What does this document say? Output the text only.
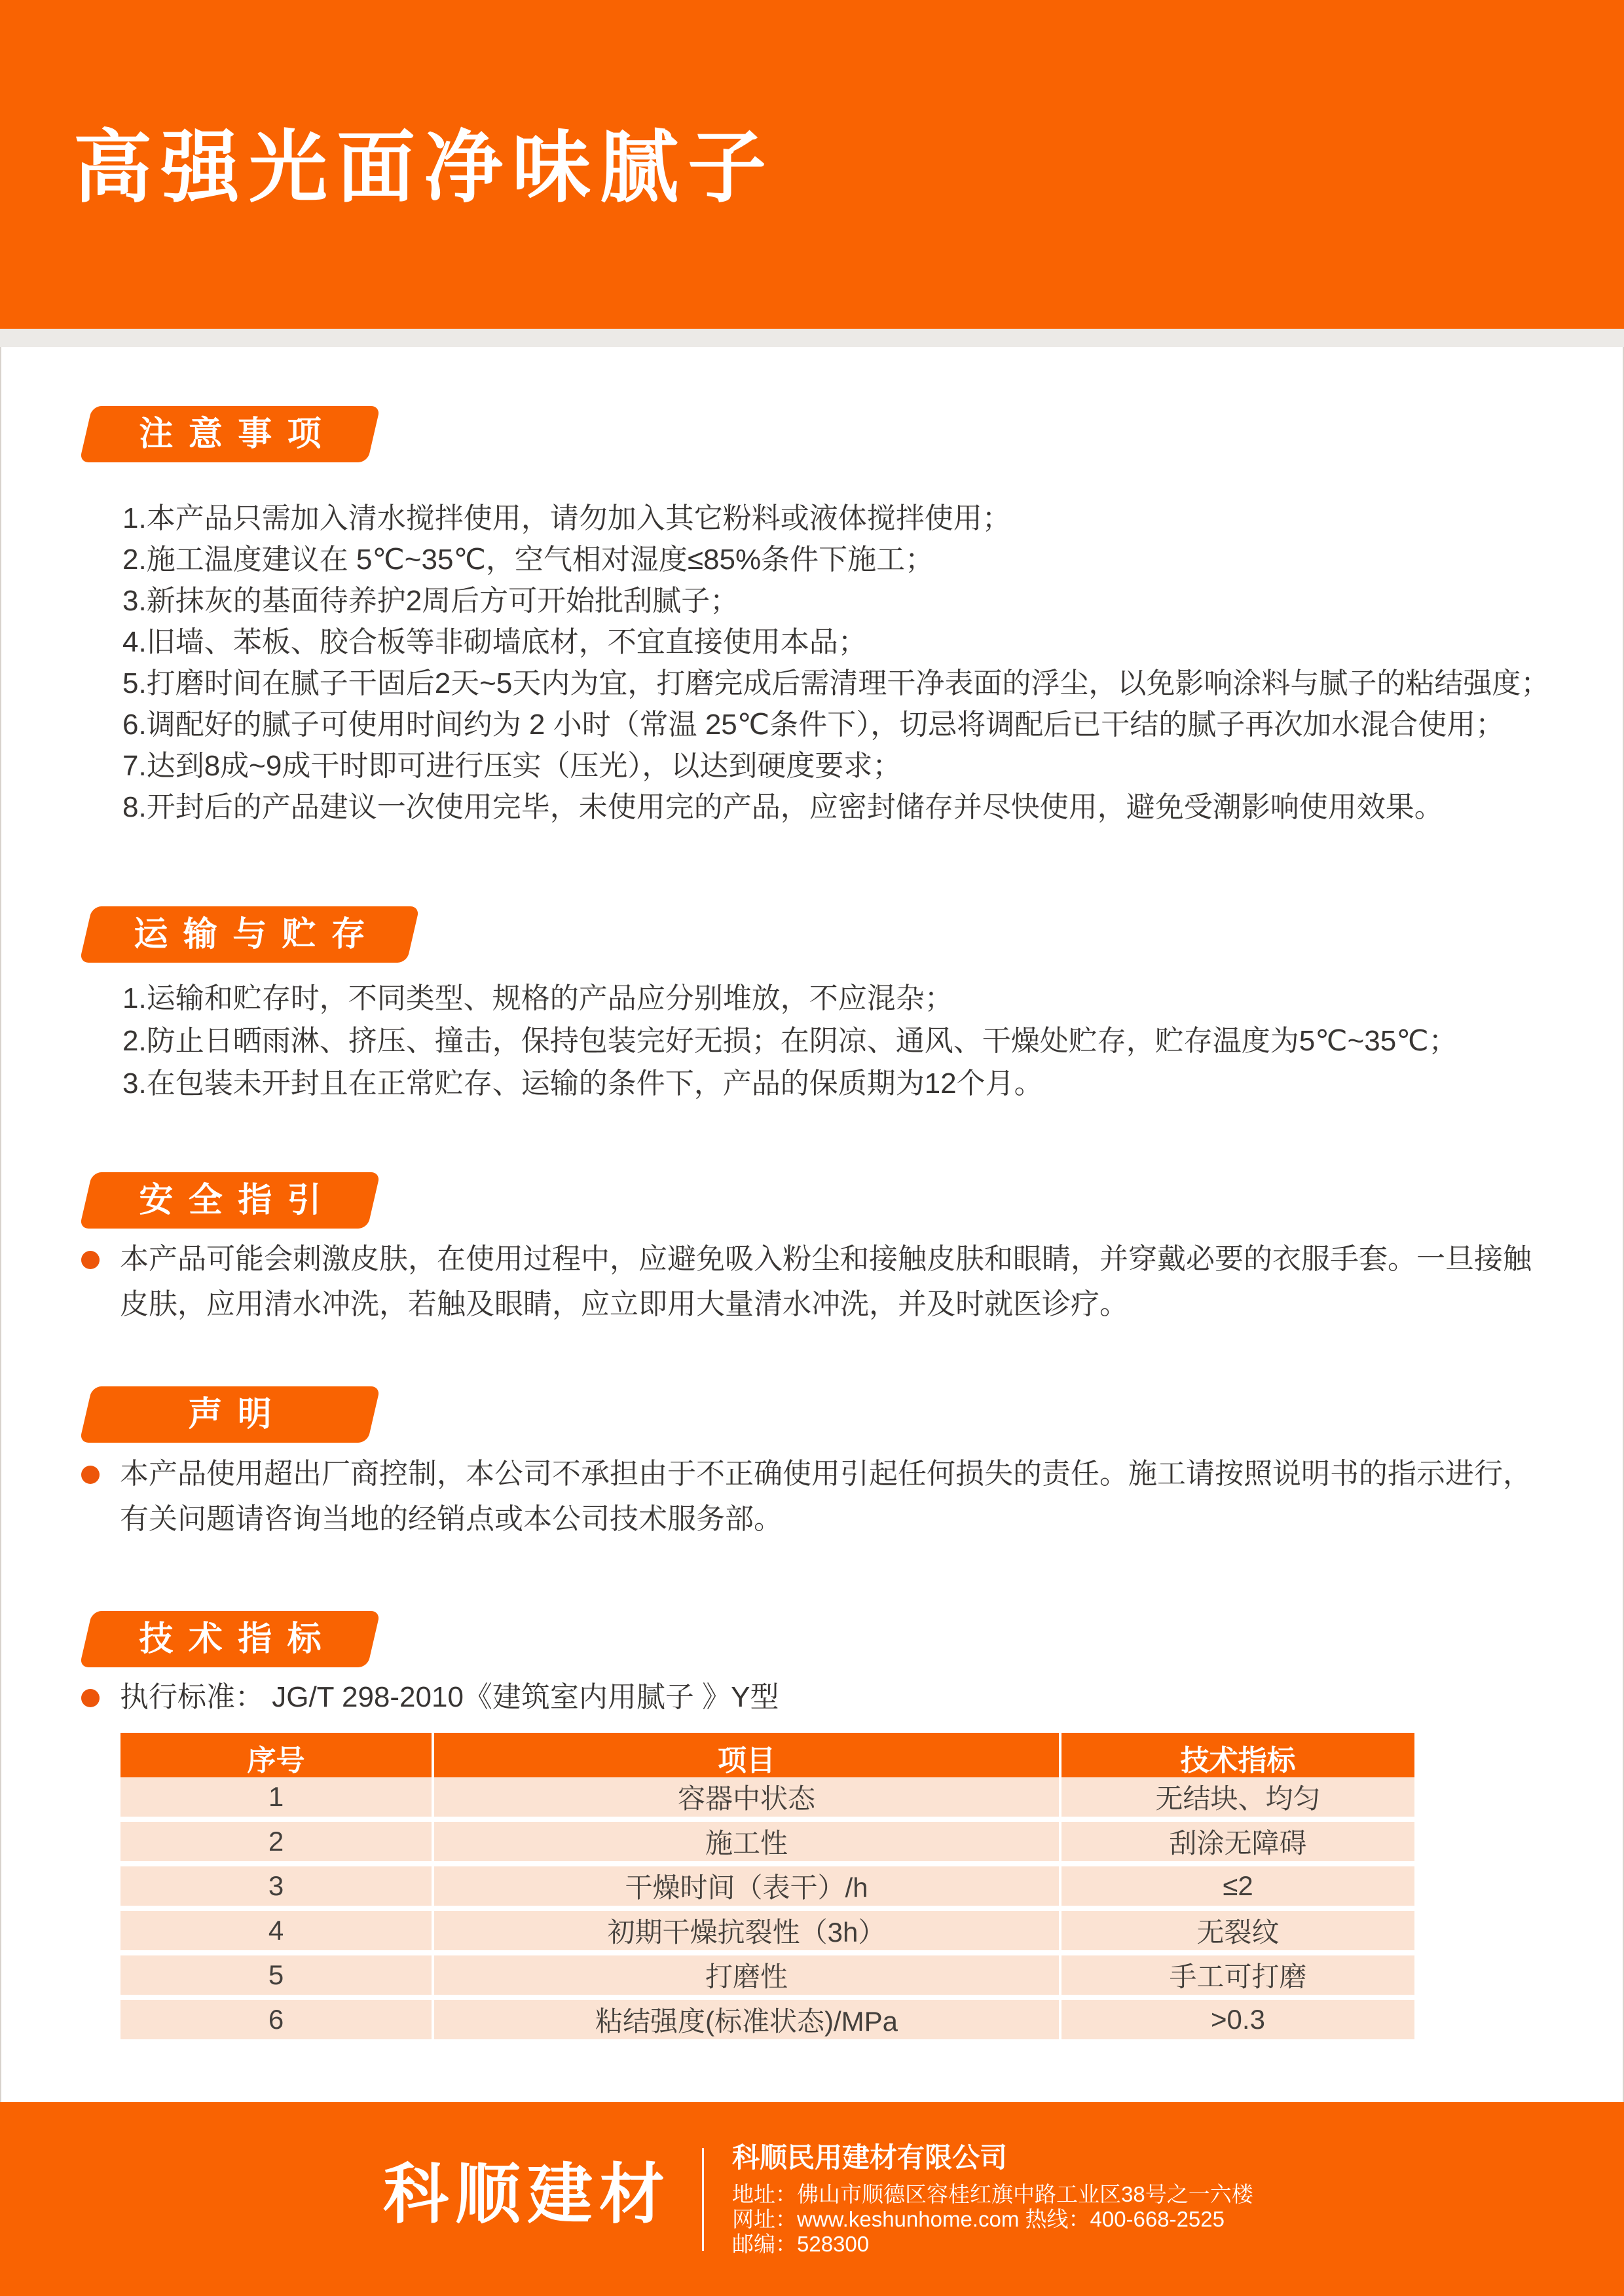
高强光面净味腻子
注意事项
1.本产品只需加入清水搅拌使用，请勿加入其它粉料或液体搅拌使用；
2.施工温度建议在 5℃~35℃，空气相对湿度≤85%条件下施工；
3.新抹灰的基面待养护2周后方可开始批刮腻子；
4.旧墙、苯板、胶合板等非砌墙底材，不宜直接使用本品；
5.打磨时间在腻子干固后2天~5天内为宜，打磨完成后需清理干净表面的浮尘，以免影响涂料与腻子的粘结强度；
6.调配好的腻子可使用时间约为 2 小时（常温 25℃条件下），切忌将调配后已干结的腻子再次加水混合使用；
7.达到8成~9成干时即可进行压实（压光），以达到硬度要求；
8.开封后的产品建议一次使用完毕，未使用完的产品，应密封储存并尽快使用，避免受潮影响使用效果。
运输与贮存
1.运输和贮存时，不同类型、规格的产品应分别堆放，不应混杂；
2.防止日晒雨淋、挤压、撞击，保持包装完好无损；在阴凉、通风、干燥处贮存，贮存温度为5℃~35℃；
3.在包装未开封且在正常贮存、运输的条件下，产品的保质期为12个月。
安全指引
本产品可能会刺激皮肤，在使用过程中，应避免吸入粉尘和接触皮肤和眼睛，并穿戴必要的衣服手套。一旦接触
皮肤，应用清水冲洗，若触及眼睛，应立即用大量清水冲洗，并及时就医诊疗。
声明
本产品使用超出厂商控制，本公司不承担由于不正确使用引起任何损失的责任。施工请按照说明书的指示进行，
有关问题请咨询当地的经销点或本公司技术服务部。
技术指标
执行标准： JG/T 298-2010《建筑室内用腻子 》Y型
序号	项目	技术指标
1	容器中状态	无结块、均匀
2	施工性	刮涂无障碍
3	干燥时间（表干）/h	≤2
4	初期干燥抗裂性（3h）	无裂纹
5	打磨性	手工可打磨
6	粘结强度(标准状态)/MPa	>0.3
科顺建材
科顺民用建材有限公司
地址：佛山市顺德区容桂红旗中路工业区38号之一六楼
网址：www.keshunhome.com 热线：400-668-2525
邮编：528300
